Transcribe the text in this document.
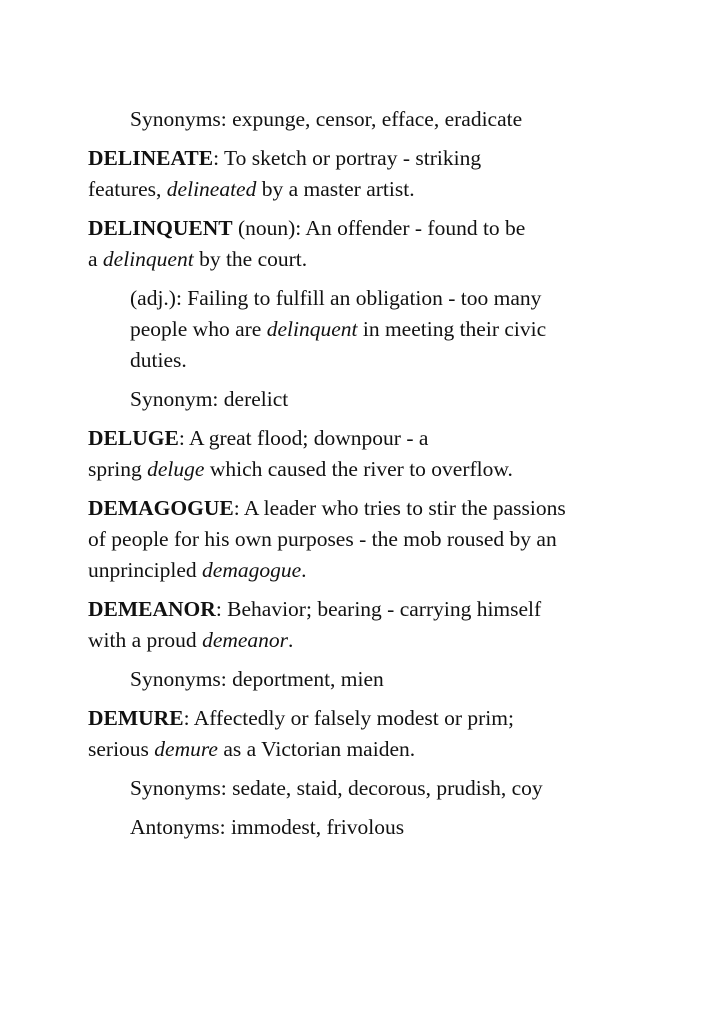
Synonyms: expunge, censor, efface, eradicate

DELINEATE: To sketch or portray - striking
features, delineated by a master artist.

DELINQUENT (noun): An offender - found to be
a delinquent by the court.

(adj.): Failing to fulfill an obligation - too many
people who are delinquent in meeting their civic
duties.

Synonym: derelict

DELUGE: A great flood; downpour - a
spring deluge which caused the river to overflow.

DEMAGOGUE: A leader who tries to stir the passions
of people for his own purposes - the mob roused by an
unprincipled demagogue.

DEMEANOR: Behavior; bearing - carrying himself
with a proud demeanor.

Synonyms: deportment, mien

DEMURE: Affectedly or falsely modest or prim;
serious demure as a Victorian maiden.

Synonyms: sedate, staid, decorous, prudish, coy

Antonyms: immodest, frivolous
